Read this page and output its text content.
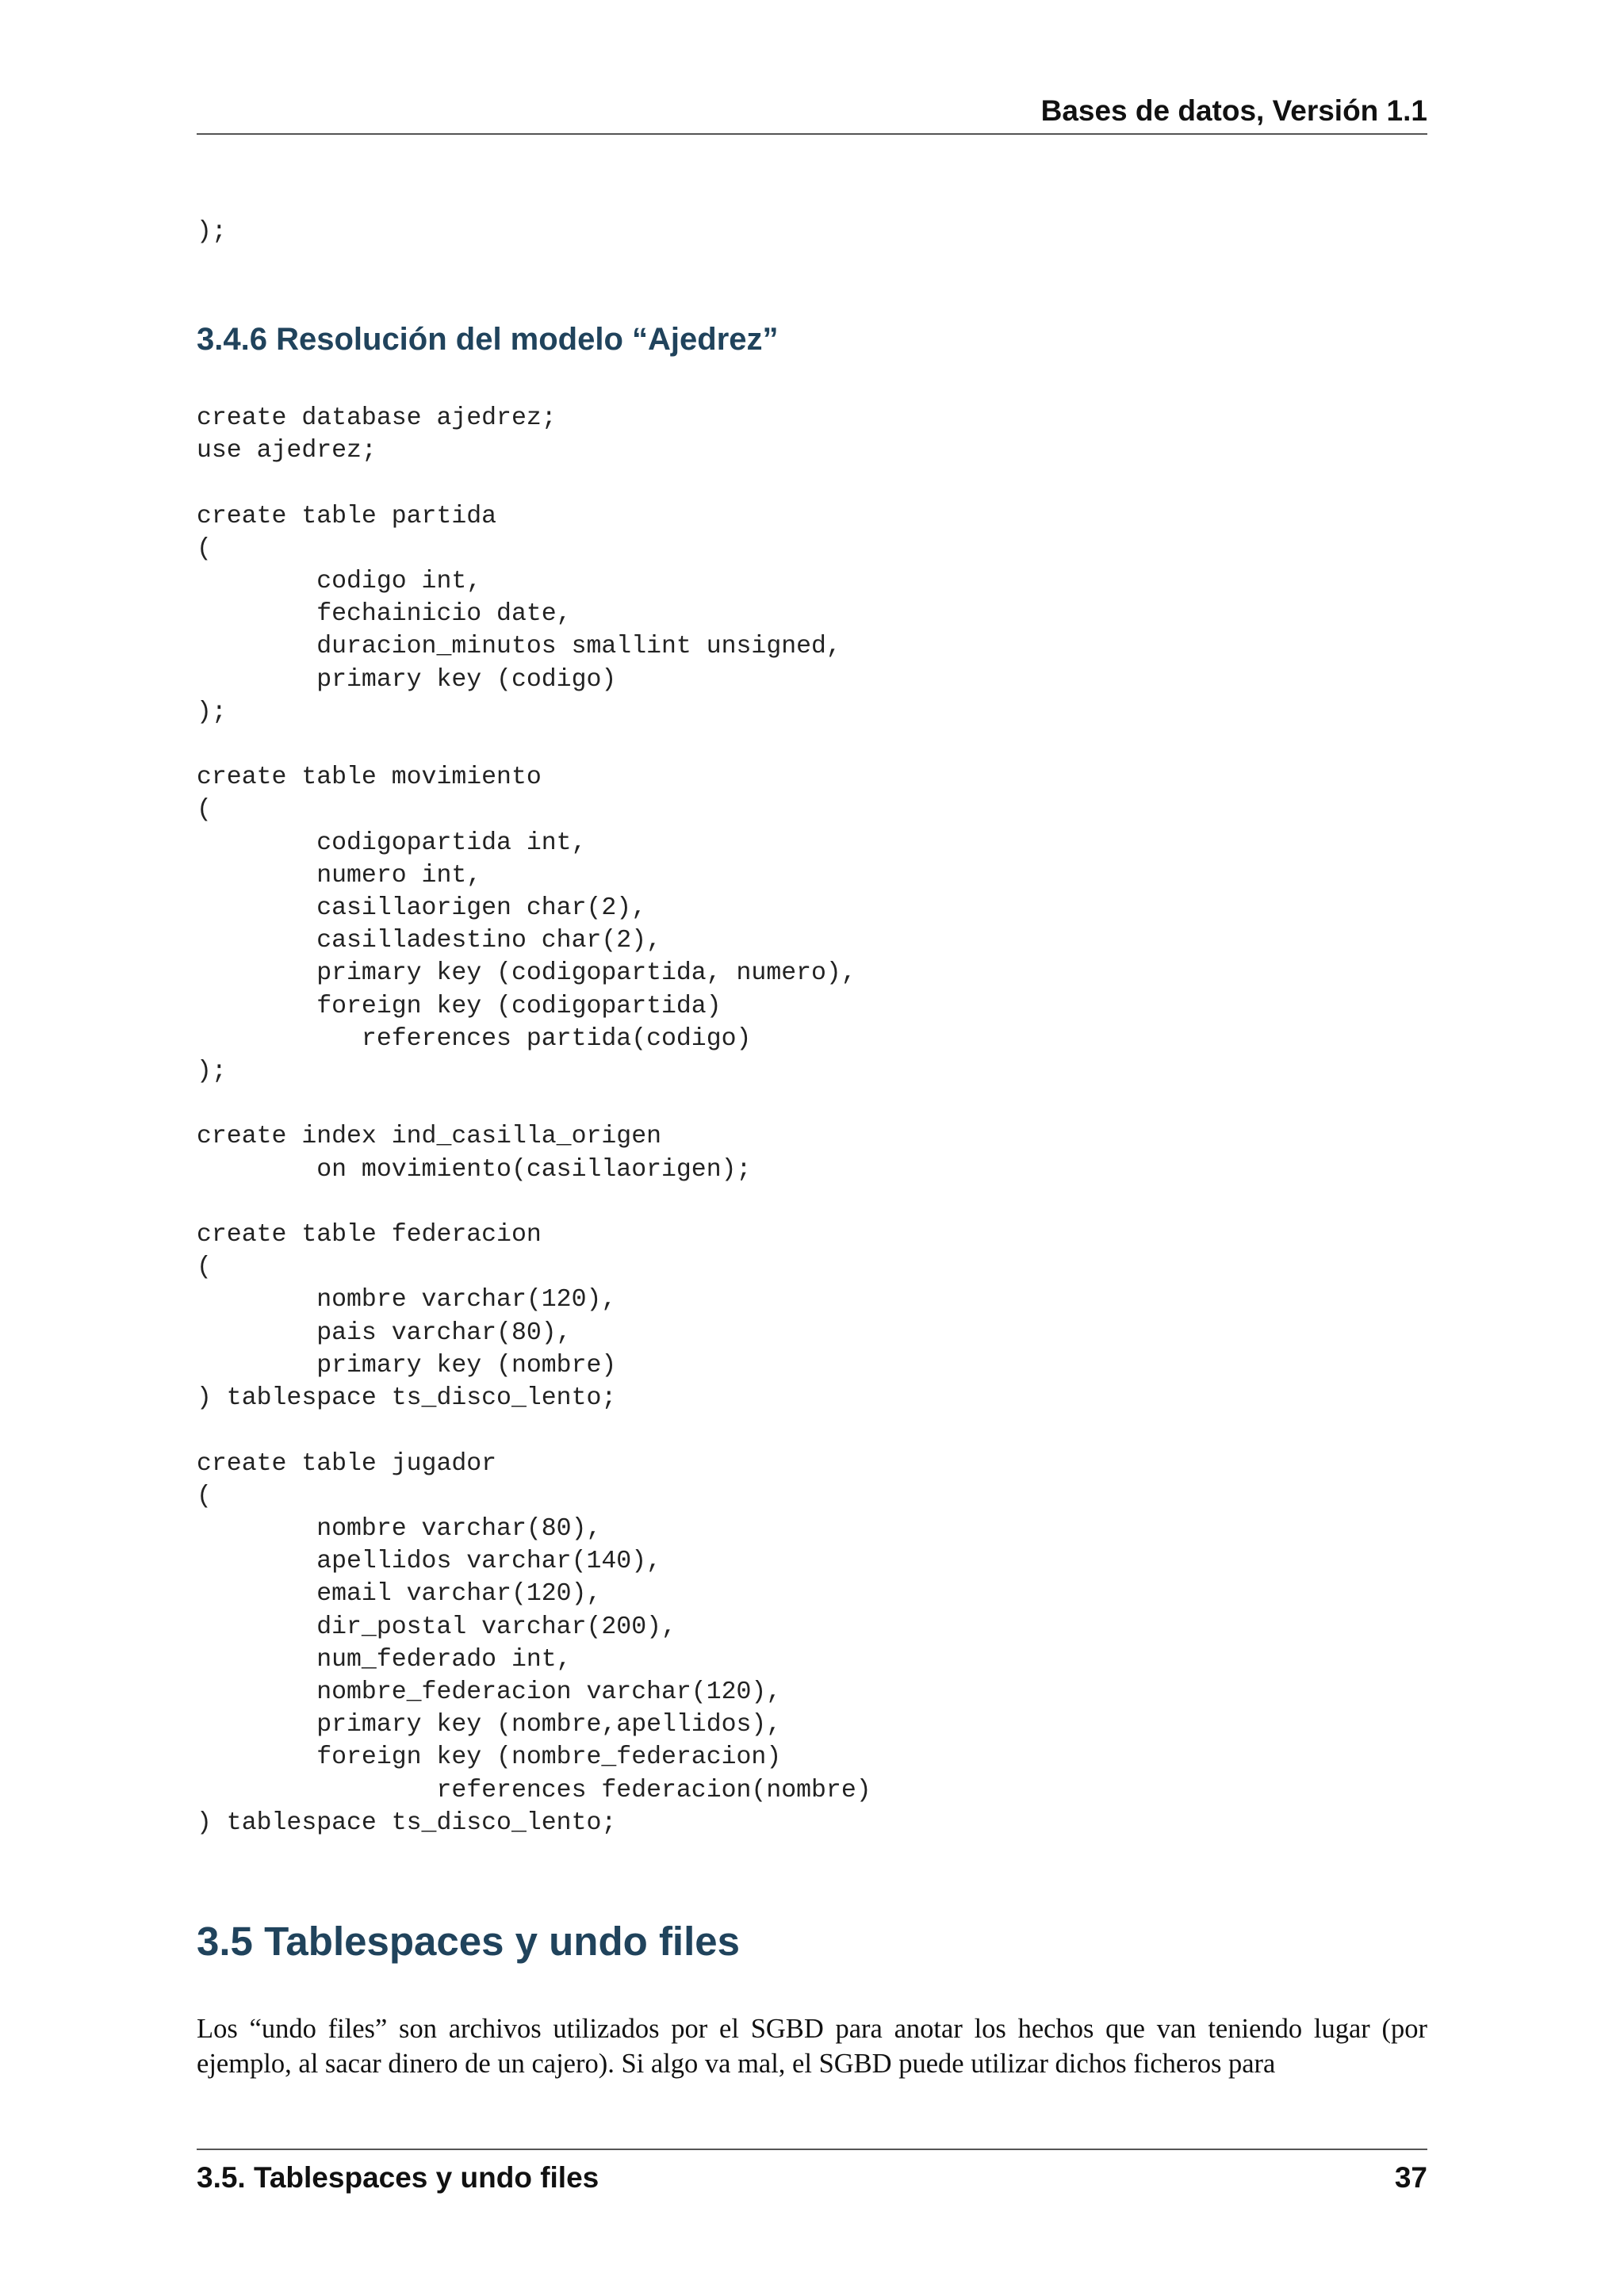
Bases de datos, Versión 1.1
);
3.4.6 Resolución del modelo “Ajedrez”
create database ajedrez;
use ajedrez;

create table partida
(
codigo int,
fechainicio date,
duracion_minutos smallint unsigned,
primary key (codigo)
);

create table movimiento
(
codigopartida int,
numero int,
casillaorigen char(2),
casilladestino char(2),
primary key (codigopartida, numero),
foreign key (codigopartida)
references partida(codigo)
);

create index ind_casilla_origen
on movimiento(casillaorigen);

create table federacion
(
nombre varchar(120),
pais varchar(80),
primary key (nombre)
) tablespace ts_disco_lento;

create table jugador
(
nombre varchar(80),
apellidos varchar(140),
email varchar(120),
dir_postal varchar(200),
num_federado int,
nombre_federacion varchar(120),
primary key (nombre,apellidos),
foreign key (nombre_federacion)
references federacion(nombre)
) tablespace ts_disco_lento;
3.5 Tablespaces y undo files

Los “undo files” son archivos utilizados por el SGBD para anotar los hechos que van teniendo lugar (por ejemplo, al sacar dinero de un cajero). Si algo va mal, el SGBD puede utilizar dichos ficheros para

3.5. Tablespaces y undo files	37
